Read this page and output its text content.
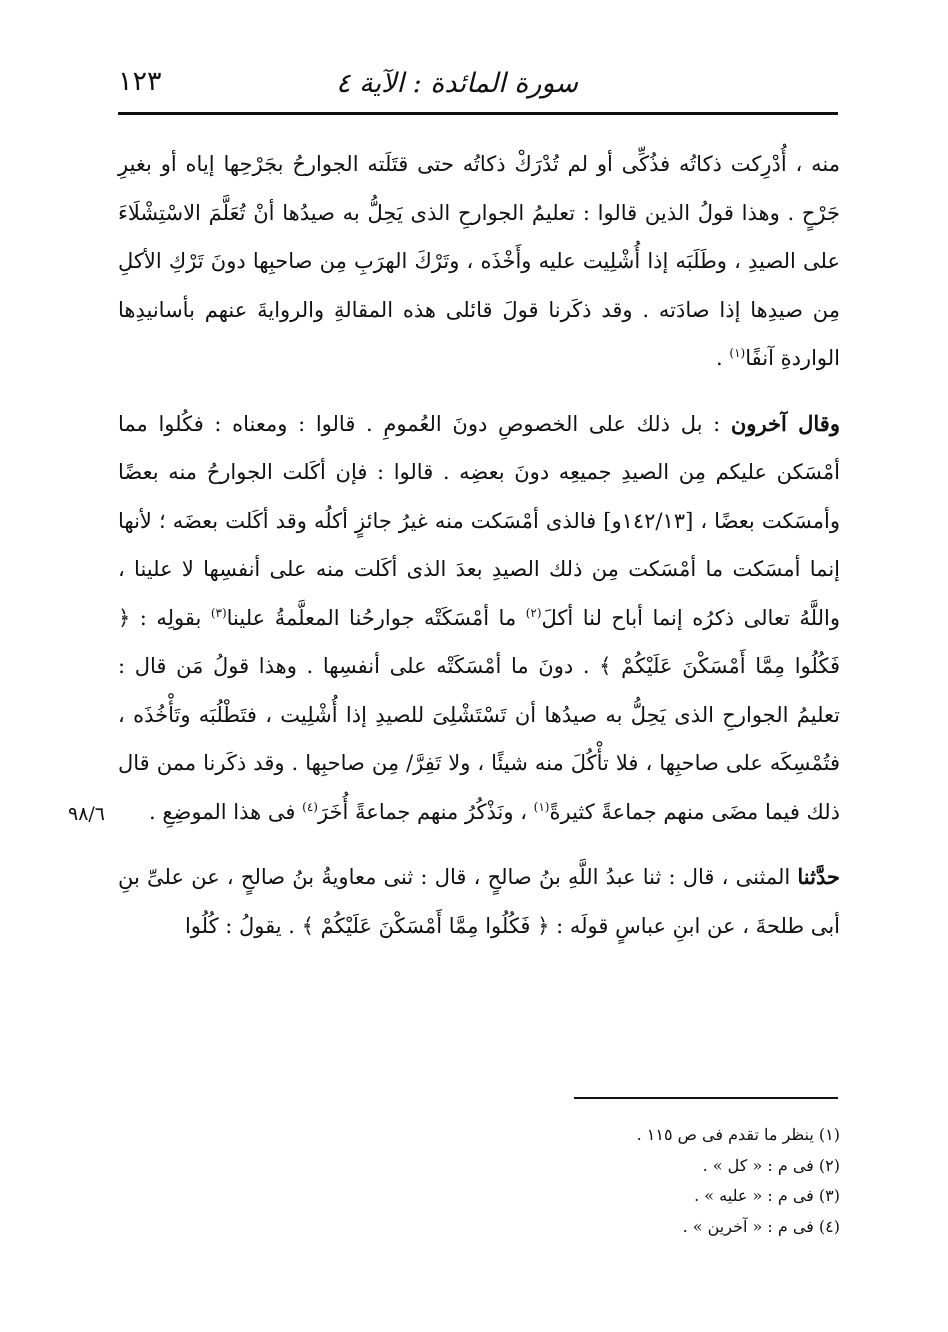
سورة المائدة : الآية ٤
١٢٣

منه ، أُدْرِكت ذكاتُه فذُكِّى أو لم تُدْرَكْ ذكاتُه حتى قتَلَته الجوارحُ بجَرْحِها إياه أو بغيرِ جَرْحٍ . وهذا قولُ الذين قالوا : تعليمُ الجوارحِ الذى يَحِلُّ به صيدُها أنْ تُعَلَّمَ الاسْتِشْلَاءَ على الصيدِ ، وطَلَبَه إذا أُشْلِيت عليه وأَخْذَه ، وتَرْكَ الهرَبِ مِن صاحبِها دونَ تَرْكِ الأكلِ مِن صيدِها إذا صادَته . وقد ذكَرنا قولَ قائلى هذه المقالةِ والروايةَ عنهم بأسانيدِها الواردةِ آنفًا$^{(١)}$ .

وقال آخرون : بل ذلك على الخصوصِ دونَ العُمومِ . قالوا : ومعناه : فكُلوا مما أمْسَكن عليكم مِن الصيدِ جميعِه دونَ بعضِه . قالوا : فإن أكَلت الجوارحُ منه بعضًا وأمسَكت بعضًا ، [١٤٢/١٣و] فالذى أمْسَكت منه غيرُ جائزٍ أكلُه وقد أكَلت بعضَه ؛ لأنها إنما أمسَكت ما أمْسَكت مِن ذلك الصيدِ بعدَ الذى أكَلت منه على أنفسِها لا علينا ، واللَّهُ تعالى ذكرُه إنما أباح لنا أكلَ$^{(٢)}$ ما أمْسَكَتْه جوارحُنا المعلَّمةُ علينا$^{(٣)}$ بقولِه : ﴿ فَكُلُوا مِمَّا أَمْسَكْنَ عَلَيْكُمْ ﴾ . دونَ ما أمْسَكَتْه على أنفسِها . وهذا قولُ مَن قال : تعليمُ الجوارحِ الذى يَحِلُّ به صيدُها أن تَسْتَشْلِىَ للصيدِ إذا أُشْلِيت ، فتَطْلُبَه وتَأْخُذَه ، فتُمْسِكَه على صاحبِها ، فلا تأْكُلَ منه شيئًا ، ولا تَفِرَّ/ مِن صاحبِها . وقد ذكَرنا ممن قال ذلك فيما مضَى منهم جماعةً كثيرةً$^{(١)}$ ، ونَذْكُرُ منهم جماعةً أُخَرَ$^{(٤)}$ فى هذا الموضِعِ .

حدَّثنا المثنى ، قال : ثنا عبدُ اللَّهِ بنُ صالحٍ ، قال : ثنى معاويةُ بنُ صالحٍ ، عن علىِّ بنِ أبى طلحةَ ، عن ابنِ عباسٍ قولَه : ﴿ فَكُلُوا مِمَّا أَمْسَكْنَ عَلَيْكُمْ ﴾ . يقولُ : كُلُوا

٩٨/٦

(١) ينظر ما تقدم فى ص ١١٥ .

(٢) فى م : « كل » .

(٣) فى م : « عليه » .

(٤) فى م : « آخرين » .
